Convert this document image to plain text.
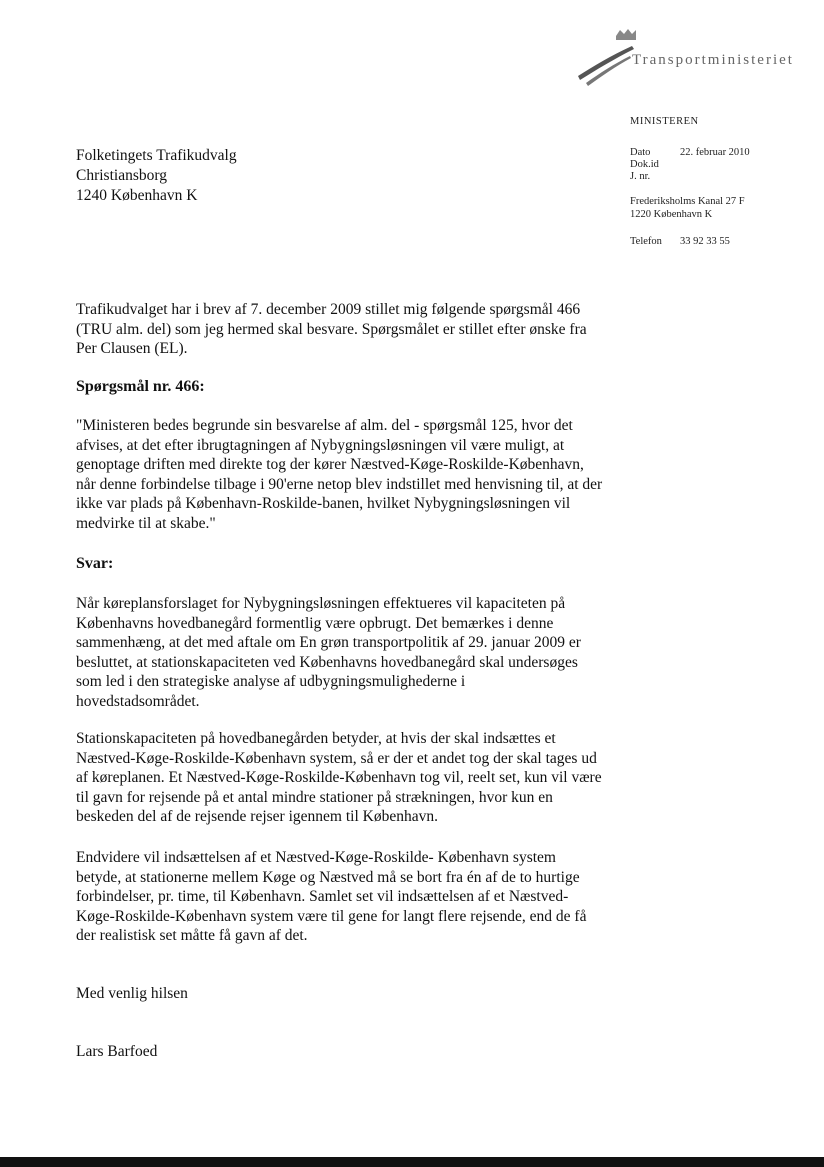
Transportministeriet
MINISTEREN
Dato	22. februar 2010
Dok.id
J. nr.
Frederiksholms Kanal 27 F
1220 København K
Telefon 33 92 33 55
Folketingets Trafikudvalg
Christiansborg
1240 København K
Trafikudvalget har i brev af 7. december 2009 stillet mig følgende spørgsmål 466 (TRU alm. del) som jeg hermed skal besvare. Spørgsmålet er stillet efter ønske fra Per Clausen (EL).
Spørgsmål nr. 466:
"Ministeren bedes begrunde sin besvarelse af alm. del - spørgsmål 125, hvor det afvises, at det efter ibrugtagningen af Nybygningsløsningen vil være muligt, at genoptage driften med direkte tog der kører Næstved-Køge-Roskilde-København, når denne forbindelse tilbage i 90'erne netop blev indstillet med henvisning til, at der ikke var plads på København-Roskilde-banen, hvilket Nybygningsløsningen vil medvirke til at skabe."
Svar:
Når køreplansforslaget for Nybygningsløsningen effektueres vil kapaciteten på Københavns hovedbanegård formentlig være opbrugt. Det bemærkes i denne sammenhæng, at det med aftale om En grøn transportpolitik af 29. januar 2009 er besluttet, at stationskapaciteten ved Københavns hovedbanegård skal undersøges som led i den strategiske analyse af udbygningsmulighederne i hovedstadsområdet.
Stationskapaciteten på hovedbanegården betyder, at hvis der skal indsættes et Næstved-Køge-Roskilde-København system, så er der et andet tog der skal tages ud af køreplanen. Et Næstved-Køge-Roskilde-København tog vil, reelt set, kun vil være til gavn for rejsende på et antal mindre stationer på strækningen, hvor kun en beskeden del af de rejsende rejser igennem til København.
Endvidere vil indsættelsen af et Næstved-Køge-Roskilde- København system betyde, at stationerne mellem Køge og Næstved må se bort fra én af de to hurtige forbindelser, pr. time, til København. Samlet set vil indsættelsen af et Næstved-Køge-Roskilde-København system være til gene for langt flere rejsende, end de få der realistisk set måtte få gavn af det.
Med venlig hilsen
Lars Barfoed
